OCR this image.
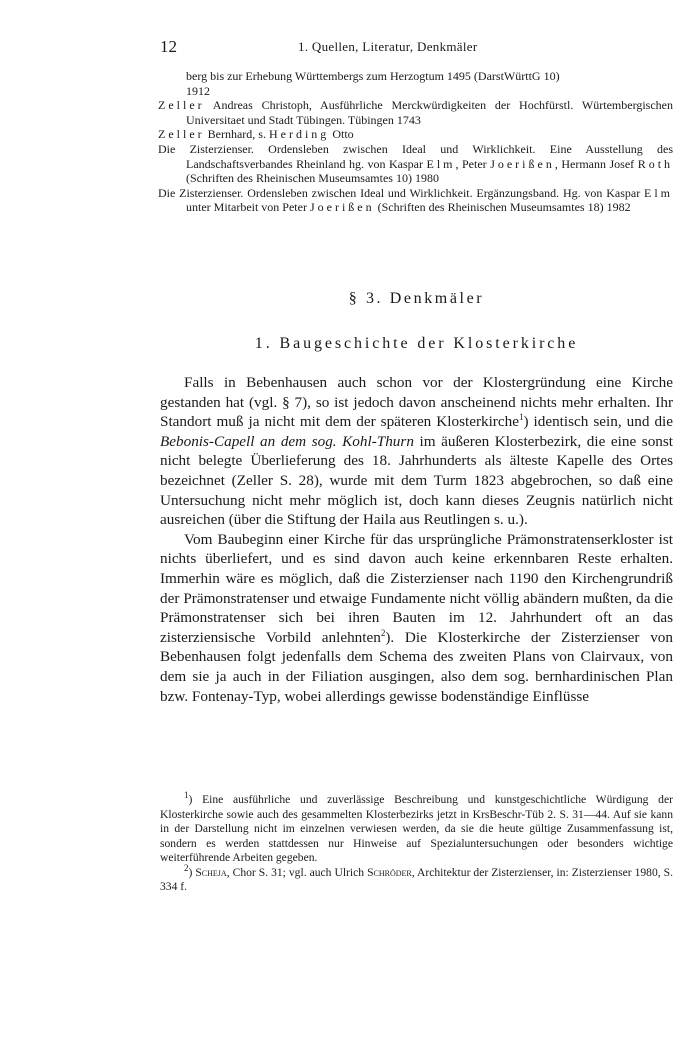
12	1. Quellen, Literatur, Denkmäler
berg bis zur Erhebung Württembergs zum Herzogtum 1495 (DarstWürttG 10)
1912
Zeller Andreas Christoph, Ausführliche Merckwürdigkeiten der Hochfürstl. Würtembergischen Universitaet und Stadt Tübingen. Tübingen 1743
Zeller Bernhard, s. Herding Otto
Die Zisterzienser. Ordensleben zwischen Ideal und Wirklichkeit. Eine Ausstellung des Landschaftsverbandes Rheinland hg. von Kaspar Elm, Peter Joerißen, Hermann Josef Roth (Schriften des Rheinischen Museumsamtes 10) 1980
Die Zisterzienser. Ordensleben zwischen Ideal und Wirklichkeit. Ergänzungsband. Hg. von Kaspar Elm unter Mitarbeit von Peter Joerißen (Schriften des Rheinischen Museumsamtes 18) 1982
§ 3. Denkmäler
1. Baugeschichte der Klosterkirche

Falls in Bebenhausen auch schon vor der Klostergründung eine Kirche gestanden hat (vgl. § 7), so ist jedoch davon anscheinend nichts mehr erhalten. Ihr Standort muß ja nicht mit dem der späteren Klosterkirche$^1$) identisch sein, und die Bebonis-Capell an dem sog. Kohl-Thurn im äußeren Klosterbezirk, die eine sonst nicht belegte Überlieferung des 18. Jahrhunderts als älteste Kapelle des Ortes bezeichnet (Zeller S. 28), wurde mit dem Turm 1823 abgebrochen, so daß eine Untersuchung nicht mehr möglich ist, doch kann dieses Zeugnis natürlich nicht ausreichen (über die Stiftung der Haila aus Reutlingen s. u.).

Vom Baubeginn einer Kirche für das ursprüngliche Prämonstratenserkloster ist nichts überliefert, und es sind davon auch keine erkennbaren Reste erhalten. Immerhin wäre es möglich, daß die Zisterzienser nach 1190 den Kirchengrundriß der Prämonstratenser und etwaige Fundamente nicht völlig abändern mußten, da die Prämonstratenser sich bei ihren Bauten im 12. Jahrhundert oft an das zisterziensische Vorbild anlehnten$^2$). Die Klosterkirche der Zisterzienser von Bebenhausen folgt jedenfalls dem Schema des zweiten Plans von Clairvaux, von dem sie ja auch in der Filiation ausgingen, also dem sog. bernhardinischen Plan bzw. Fontenay-Typ, wobei allerdings gewisse bodenständige Einflüsse

$^1$) Eine ausführliche und zuverlässige Beschreibung und kunstgeschichtliche Würdigung der Klosterkirche sowie auch des gesammelten Klosterbezirks jetzt in KrsBeschr-Tüb 2. S. 31—44. Auf sie kann in der Darstellung nicht im einzelnen verwiesen werden, da sie die heute gültige Zusammenfassung ist, sondern es werden stattdessen nur Hinweise auf Spezialuntersuchungen oder besonders wichtige weiterführende Arbeiten gegeben.

$^2$) Scheja, Chor S. 31; vgl. auch Ulrich Schröder, Architektur der Zisterzienser, in: Zisterzienser 1980, S. 334 f.
